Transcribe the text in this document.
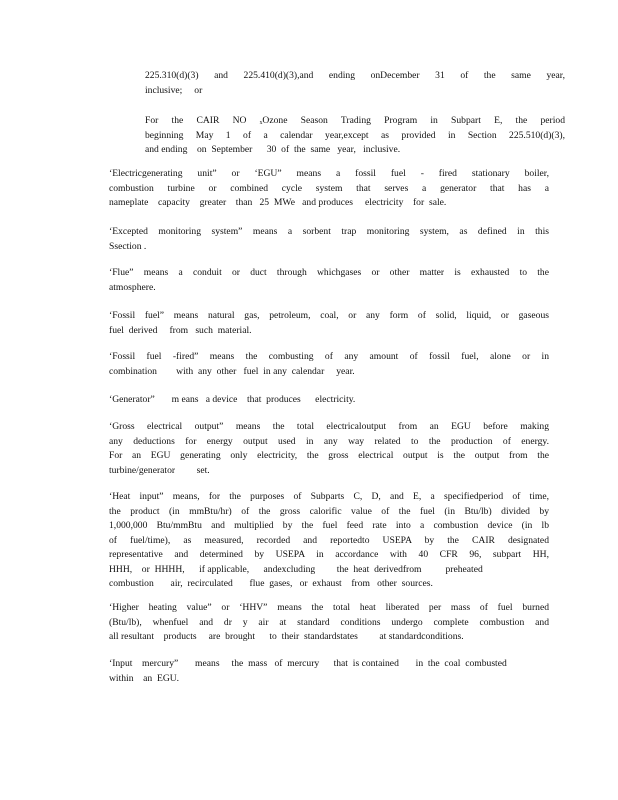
225.310(d)(3) and 225.410(d)(3),and ending onDecember 31 of the same year,
inclusive;     or
For the CAIR NO ₓOzone Season Trading Program in Subpart E, the period
beginning May 1 of a calendar year,except as provided in Section 225.510(d)(3),
and ending    on  September      30  of  the  same   year,   inclusive.
‘Electricgenerating unit” or ‘EGU” means a fossil fuel - fired stationary boiler,
combustion turbine or combined cycle system that serves a generator that has a
nameplate    capacity    greater    than   25  MWe   and produces     electricity    for  sale.
‘Excepted monitoring system” means a sorbent trap monitoring system, as defined in this
Ssection .
‘Flue” means a conduit or duct through whichgases or other matter is exhausted to the
atmosphere.
‘Fossil fuel” means natural gas, petroleum, coal, or any form of solid, liquid, or gaseous
fuel  derived     from   such  material.
‘Fossil fuel -fired” means the combusting of any amount of fossil fuel, alone or in
combination        with  any  other   fuel  in any  calendar     year.
‘Generator”       m eans   a device    that  produces      electricity.
‘Gross electrical output” means the total electricaloutput from an EGU before making
any deductions for energy output used in any way related to the production of energy.
For an EGU generating only electricity, the gross electrical output is the output from the
turbine/generator         set.
‘Heat input” means, for the purposes of Subparts C, D, and E, a specifiedperiod of time,
the product (in mmBtu/hr) of the gross calorific value of the fuel (in Btu/lb) divided by
1,000,000 Btu/mmBtu and multiplied by the fuel feed rate into a combustion device (in lb
of fuel/time), as measured, recorded and reportedto USEPA by the CAIR designated
representative and determined by USEPA in accordance with 40 CFR 96, subpart HH,
HHH,    or  HHHH,      if applicable,      andexcluding         the  heat  derivedfrom          preheated
combustion       air,  recirculated       flue  gases,   or  exhaust    from   other  sources.
‘Higher heating value” or ‘HHV” means the total heat liberated per mass of fuel burned
(Btu/lb), whenfuel and dr y air at standard conditions undergo complete combustion and
all resultant    products     are  brought      to  their  standardstates         at standardconditions.
‘Input    mercury”       means     the  mass   of  mercury      that  is contained       in  the  coal  combusted
within    an  EGU.
